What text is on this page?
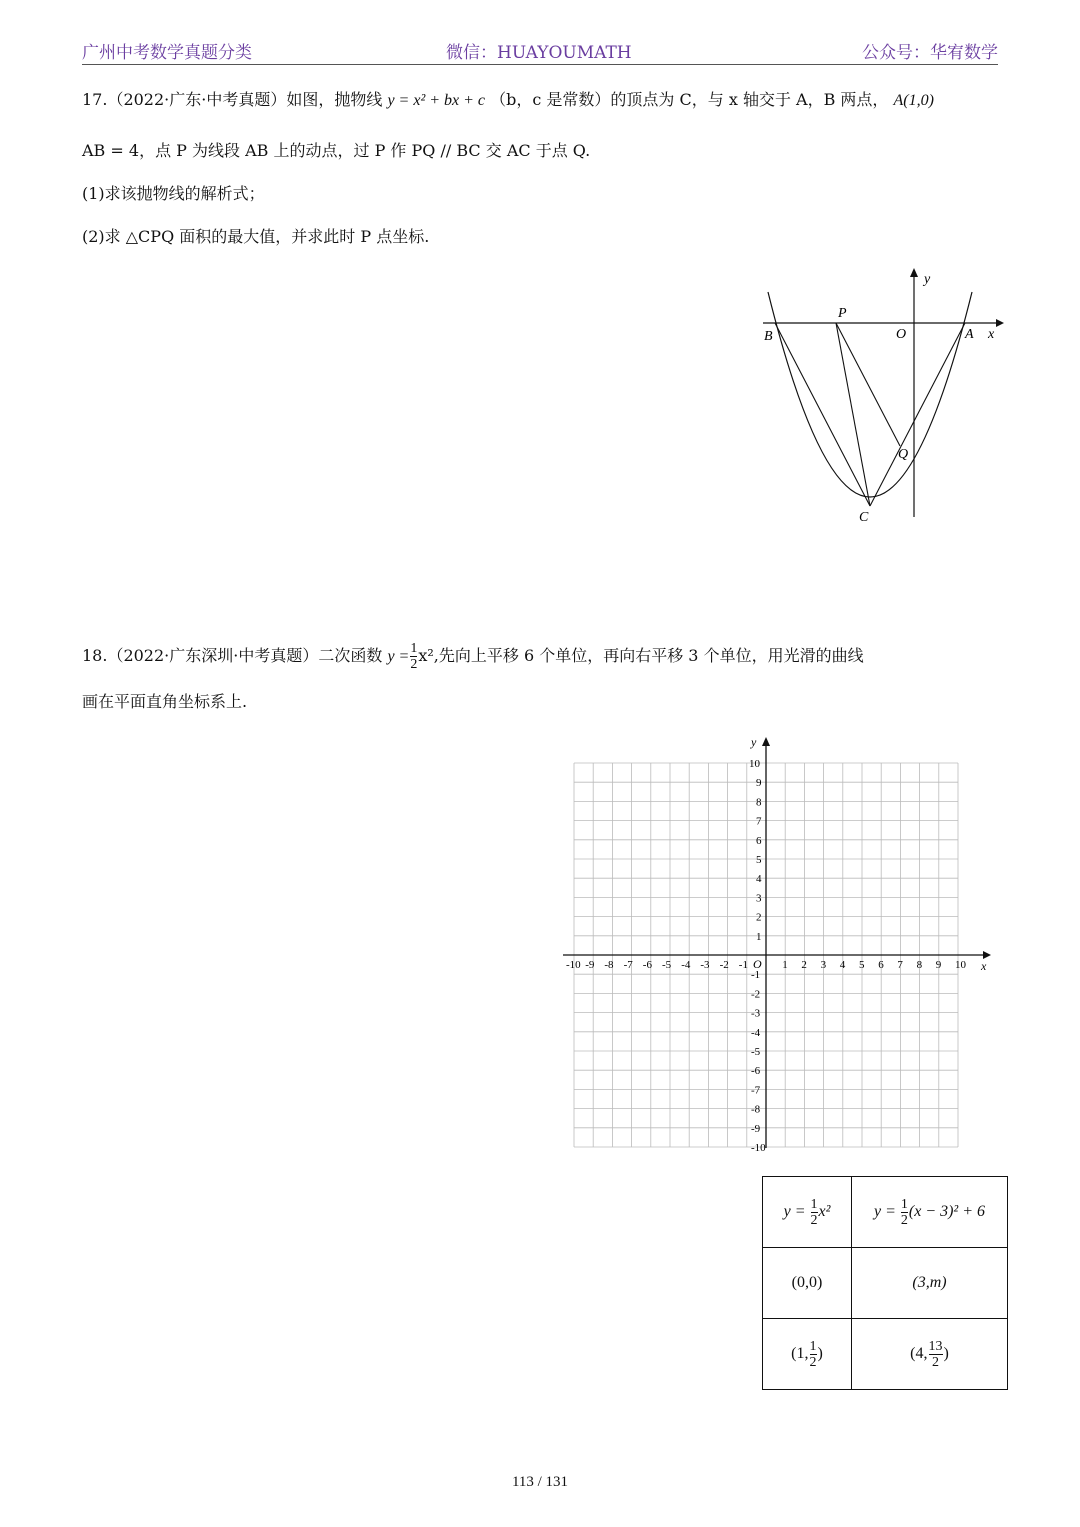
广州中考数学真题分类	微信：HUAYOUMATH	公众号：华宥数学
17.（2022·广东·中考真题）如图，抛物线 y = x² + bx + c （b，c 是常数）的顶点为 C，与 x 轴交于 A，B 两点， A(1,0)
AB = 4，点 P 为线段 AB 上的动点，过 P 作 PQ // BC 交 AC 于点 Q.
(1)求该抛物线的解析式；
(2)求 △CPQ 面积的最大值，并求此时 P 点坐标.
B
P
O	A x
y
Q
C
18.（2022·广东深圳·中考真题）二次函数 $y = \frac{1}{2} x^2$,先向上平移 6 个单位，再向右平移 3 个单位，用光滑的曲线
画在平面直角坐标系上.
-10 -9 -8 -7 -6 -5 -4 -3 -2 -1	1 2 3 4 5 6 7 8 9 10
10
9
8
7
6
5
4
3
2
1
-1
-2
-3
-4
-5
-6
-7
-8
-9
-10
x
y
O
$y = \frac{1}{2} x^2$	$y = \frac{1}{2} (x - 3)^2 + 6$
(0,0)	(3,m)
(1, $\frac{1}{2}$ )	(4, $\frac{13}{2}$ )
113 / 131
